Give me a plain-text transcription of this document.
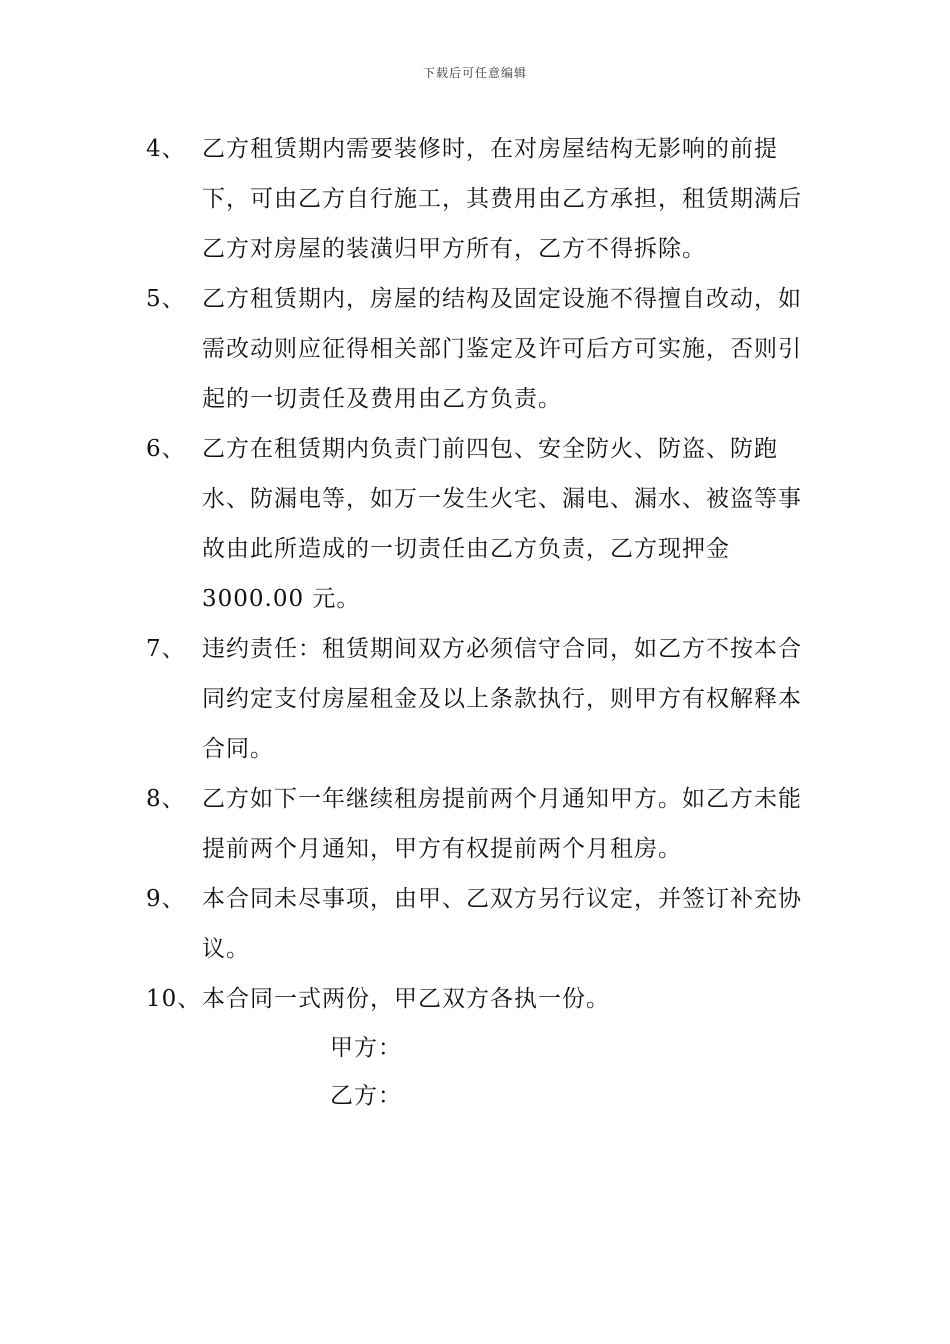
下载后可任意编辑
4、 乙方租赁期内需要装修时，在对房屋结构无影响的前提下，可由乙方自行施工，其费用由乙方承担，租赁期满后乙方对房屋的装潢归甲方所有，乙方不得拆除。
5、 乙方租赁期内，房屋的结构及固定设施不得擅自改动，如需改动则应征得相关部门鉴定及许可后方可实施，否则引起的一切责任及费用由乙方负责。
6、 乙方在租赁期内负责门前四包、安全防火、防盗、防跑水、防漏电等，如万一发生火宅、漏电、漏水、被盗等事故由此所造成的一切责任由乙方负责，乙方现押金 3000.00 元。
7、 违约责任：租赁期间双方必须信守合同，如乙方不按本合同约定支付房屋租金及以上条款执行，则甲方有权解释本合同。
8、 乙方如下一年继续租房提前两个月通知甲方。如乙方未能提前两个月通知，甲方有权提前两个月租房。
9、 本合同未尽事项，由甲、乙双方另行议定，并签订补充协议。
10、 本合同一式两份，甲乙双方各执一份。
甲方：
乙方：
